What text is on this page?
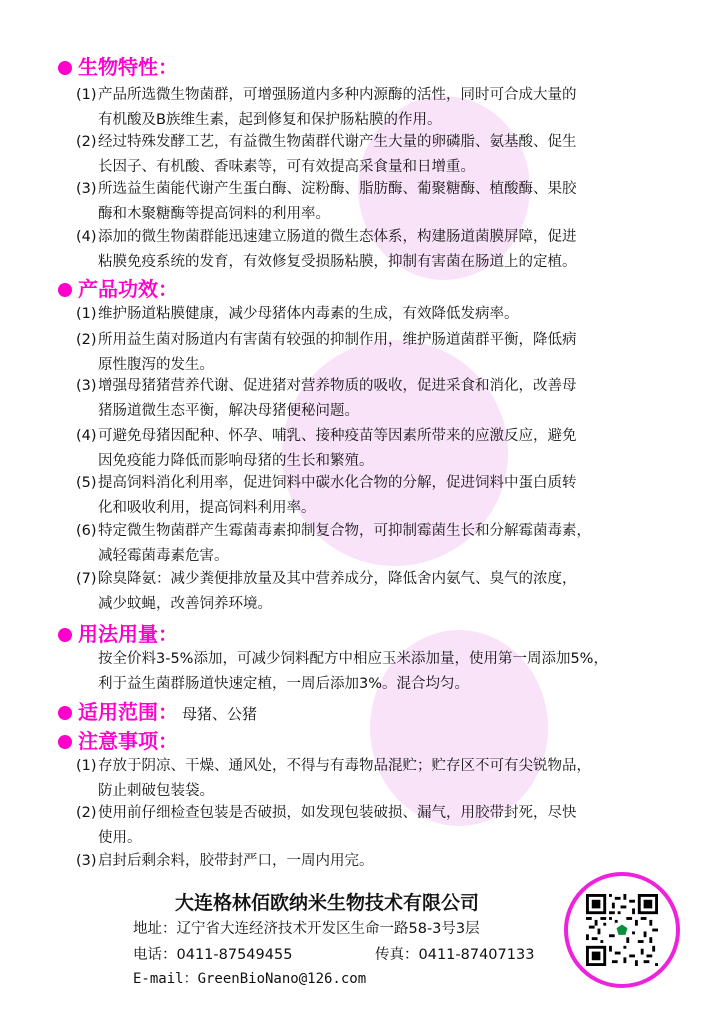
生物特性：
(1)产品所选微生物菌群，可增强肠道内多种内源酶的活性，同时可合成大量的
有机酸及B族维生素，起到修复和保护肠粘膜的作用。
(2)经过特殊发酵工艺，有益微生物菌群代谢产生大量的卵磷脂、氨基酸、促生
长因子、有机酸、香味素等，可有效提高采食量和日增重。
(3)所选益生菌能代谢产生蛋白酶、淀粉酶、脂肪酶、葡聚糖酶、植酸酶、果胶
酶和木聚糖酶等提高饲料的利用率。
(4)添加的微生物菌群能迅速建立肠道的微生态体系，构建肠道菌膜屏障，促进
粘膜免疫系统的发育，有效修复受损肠粘膜，抑制有害菌在肠道上的定植。
产品功效：
(1)维护肠道粘膜健康，减少母猪体内毒素的生成，有效降低发病率。
(2)所用益生菌对肠道内有害菌有较强的抑制作用，维护肠道菌群平衡，降低病
原性腹泻的发生。
(3)增强母猪猪营养代谢、促进猪对营养物质的吸收，促进采食和消化，改善母
猪肠道微生态平衡，解决母猪便秘问题。
(4)可避免母猪因配种、怀孕、哺乳、接种疫苗等因素所带来的应激反应，避免
因免疫能力降低而影响母猪的生长和繁殖。
(5)提高饲料消化利用率，促进饲料中碳水化合物的分解，促进饲料中蛋白质转
化和吸收利用，提高饲料利用率。
(6)特定微生物菌群产生霉菌毒素抑制复合物，可抑制霉菌生长和分解霉菌毒素，
减轻霉菌毒素危害。
(7)除臭降氨：减少粪便排放量及其中营养成分，降低舍内氨气、臭气的浓度，
减少蚊蝇，改善饲养环境。
用法用量：
按全价料3-5%添加，可减少饲料配方中相应玉米添加量，使用第一周添加5%，
利于益生菌群肠道快速定植，一周后添加3%。混合均匀。
适用范围： 母猪、公猪
注意事项：
(1)存放于阴凉、干燥、通风处，不得与有毒物品混贮；贮存区不可有尖锐物品，
防止刺破包装袋。
(2)使用前仔细检查包装是否破损，如发现包装破损、漏气，用胶带封死，尽快
使用。
(3)启封后剩余料，胶带封严口，一周内用完。
大连格林佰欧纳米生物技术有限公司
地址：辽宁省大连经济技术开发区生命一路58-3号3层
电话：0411-87549455	传真：0411-87407133
E-mail：GreenBioNano@126.com
